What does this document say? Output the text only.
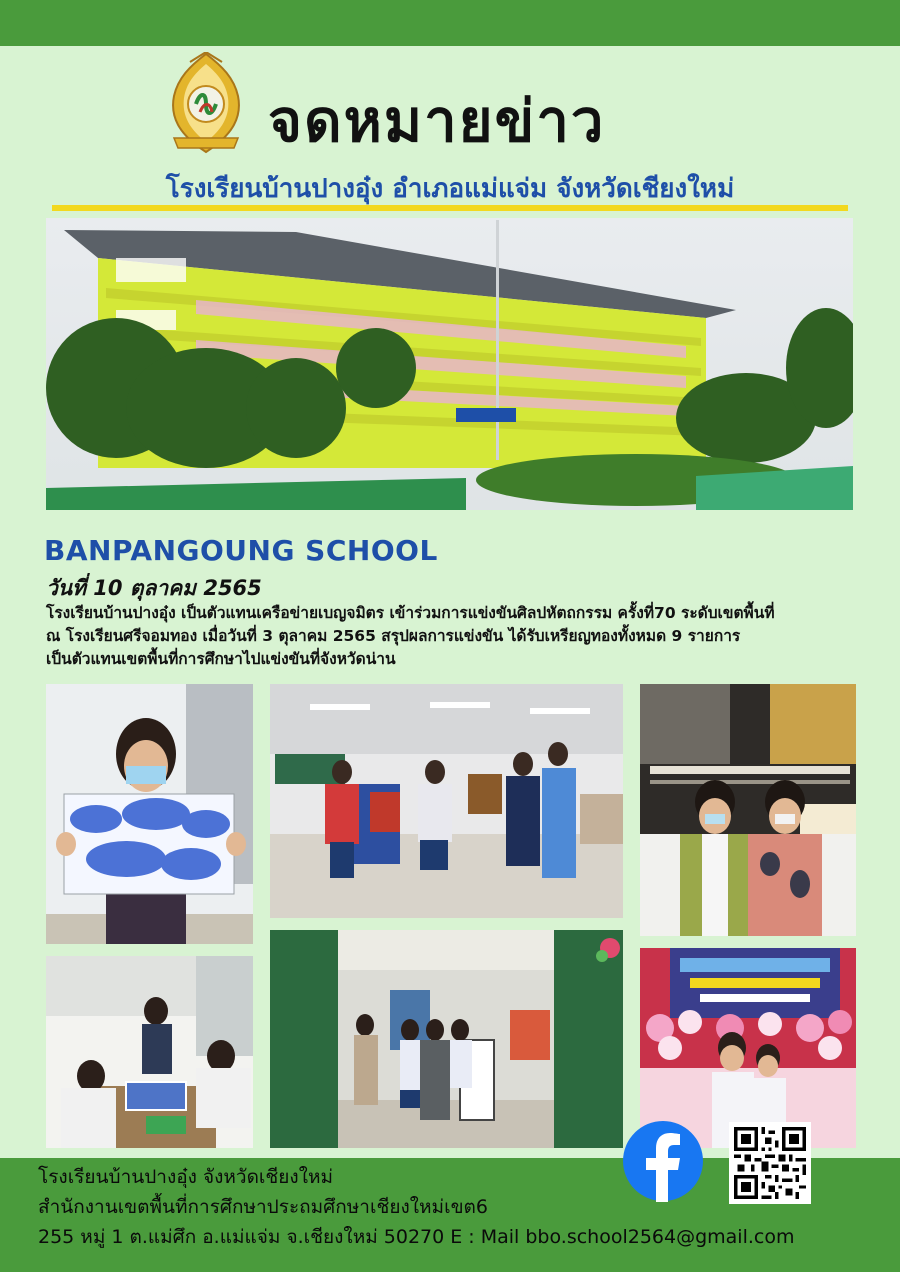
จดหมายข่าว
โรงเรียนบ้านปางอุ๋ง อำเภอแม่แจ่ม จังหวัดเชียงใหม่
BANPANGOUNG SCHOOL
วันที่ 10 ตุลาคม 2565

โรงเรียนบ้านปางอุ๋ง เป็นตัวแทนเครือข่ายเบญจมิตร เข้าร่วมการแข่งขันศิลปหัตถกรรม ครั้งที่70 ระดับเขตพื้นที่

ณ โรงเรียนศรีจอมทอง เมื่อวันที่ 3 ตุลาคม 2565 สรุปผลการแข่งขัน ได้รับเหรียญทองทั้งหมด 9 รายการ

เป็นตัวแทนเขตพื้นที่การศึกษาไปแข่งขันที่จังหวัดน่าน

โรงเรียนบ้านปางอุ๋ง จังหวัดเชียงใหม่

สำนักงานเขตพื้นที่การศึกษาประถมศึกษาเชียงใหม่เขต6

255 หมู่ 1 ต.แม่ศึก อ.แม่แจ่ม จ.เชียงใหม่ 50270 E : Mail bbo.school2564@gmail.com
